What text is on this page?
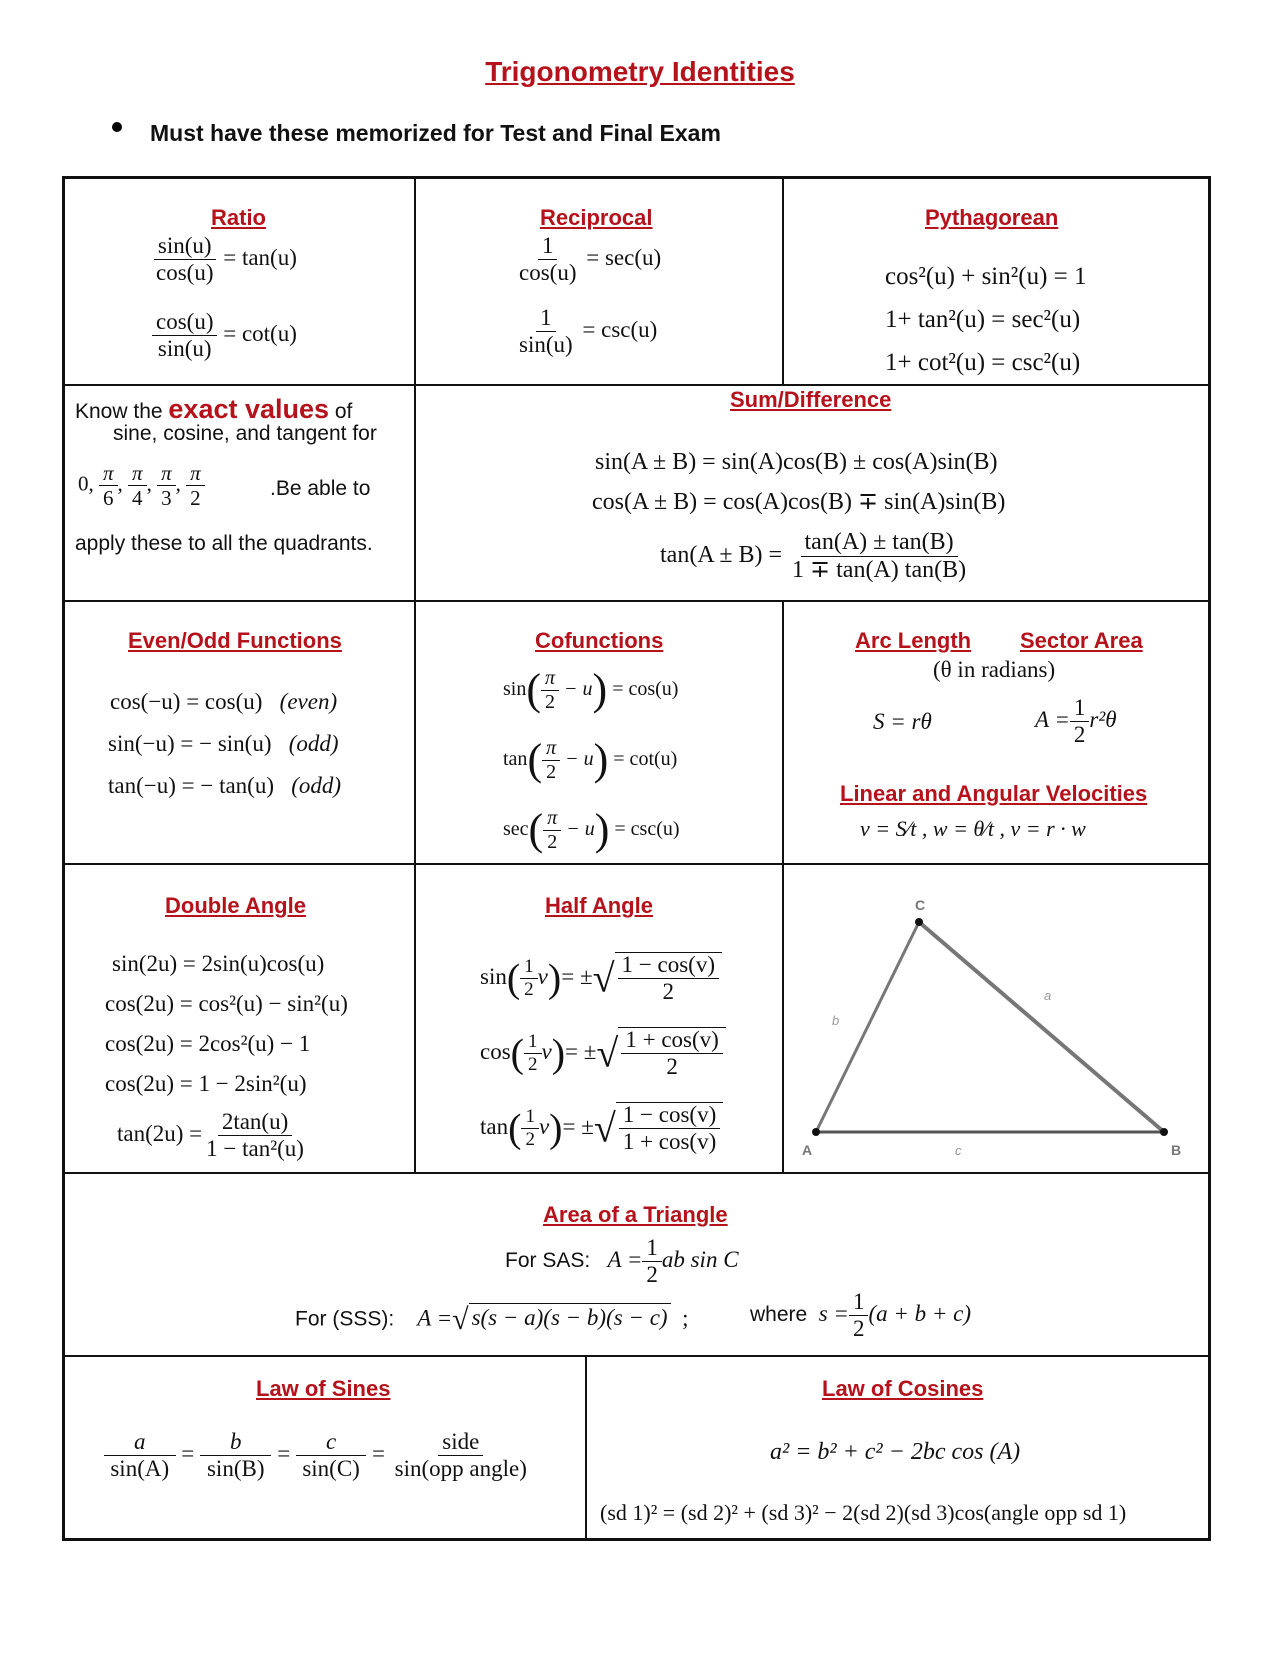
Trigonometry Identities
Must have these memorized for Test and Final Exam
Ratio
$\frac{\sin(u)}{\cos(u)} = \tan(u)$
$\frac{\cos(u)}{\sin(u)} = \cot(u)$
Reciprocal
$\frac{1}{\cos(u)} = \sec(u)$
$\frac{1}{\sin(u)} = \csc(u)$
Pythagorean
cos²(u) + sin²(u) = 1
1+ tan²(u) = sec²(u)
1+ cot²(u) = csc²(u)
Know the exact values of
sine, cosine, and tangent for
0, $\frac{\pi}{6}$ , $\frac{\pi}{4}$ , $\frac{\pi}{3}$ , $\frac{\pi}{2}$	.Be able to
apply these to all the quadrants.
Sum/Difference
sin(A ± B) = sin(A)cos(B) ± cos(A)sin(B)
cos(A ± B) = cos(A)cos(B) ∓ sin(A)sin(B)
$\tan(A \pm B) = \frac{\tan(A) \pm \tan(B)}{1 \mp \tan(A) \tan(B)}$
Even/Odd Functions
cos(−u) = cos(u) (even)
sin(−u) = − sin(u) (odd)
tan(−u) = − tan(u) (odd)
Cofunctions
$\sin( \frac{\pi}{2} - u) = \cos(u)$
$\tan( \frac{\pi}{2} - u) = \cot(u)$
$\sec( \frac{\pi}{2} - u) = \csc(u)$
Arc Length Sector Area
(θ in radians)
S = rθ	$A = \frac{1}{2} r^2\theta$
Linear and Angular Velocities
v = S⁄t , w = θ⁄t , v = r · w
Double Angle
sin(2u) = 2sin(u)cos(u)
cos(2u) = cos²(u) − sin²(u)
cos(2u) = 2cos²(u) − 1
cos(2u) = 1 − 2sin²(u)
$\tan(2u) = \frac{2\tan(u)}{\text{1 − tan²(u)}}$
Half Angle
$\sin( \frac{1}{2} v)=$ ±√ $\frac{1 - \cos(v)}{2}$
$\cos( \frac{1}{2} v)=$ ±√ $\frac{1 + \cos(v)}{2}$
$\tan( \frac{1}{2} v)=$ ±√ $\frac{1 - \cos(v)}{1 + \cos(v)}$	A	B
C
a
b
c
Area of a Triangle
For SAS: $A = \frac{1}{2}$ ab sin C
For (SSS): A =√ s(s − a)(s − b)(s − c) ;	where $s = \frac{1}{2} (a + b + c)$
Law of Sines
$\frac{a}{\sin(A)} = \frac{b}{\sin(B)} = \frac{c}{\sin(C)} = \frac{\text{side}}{\text{sin(opp angle)}}$
Law of Cosines
a² = b² + c² − 2bc cos (A)
(sd 1)² = (sd 2)² + (sd 3)² − 2(sd 2)(sd 3)cos(angle opp sd 1)
